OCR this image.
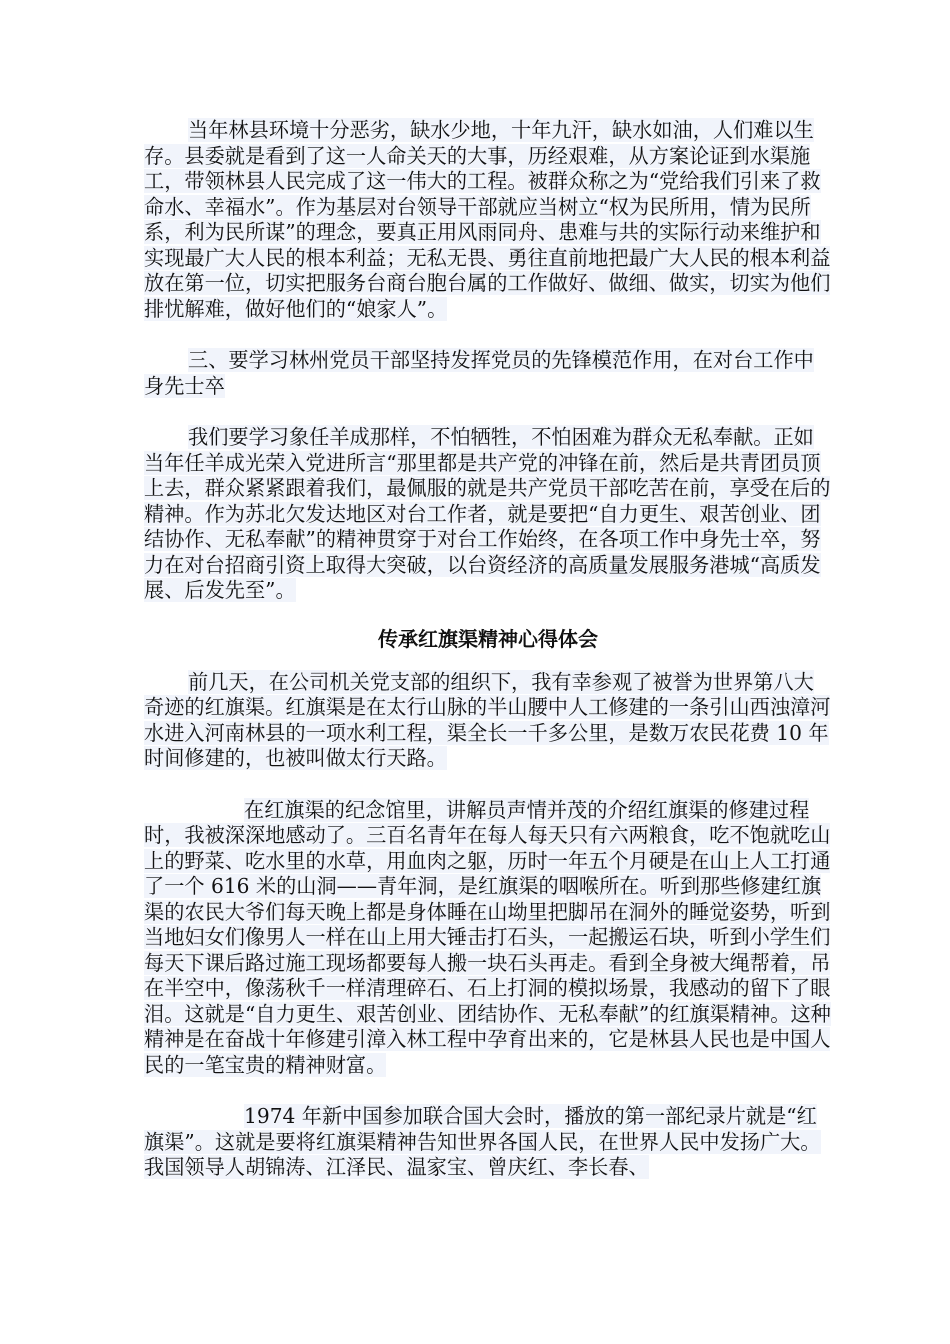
当年林县环境十分恶劣，缺水少地，十年九汗，缺水如油，人们难以生存。县委就是看到了这一人命关天的大事，历经艰难，从方案论证到水渠施工，带领林县人民完成了这一伟大的工程。被群众称之为“党给我们引来了救命水、幸福水”。作为基层对台领导干部就应当树立“权为民所用，情为民所系，利为民所谋”的理念，要真正用风雨同舟、患难与共的实际行动来维护和实现最广大人民的根本利益；无私无畏、勇往直前地把最广大人民的根本利益放在第一位，切实把服务台商台胞台属的工作做好、做细、做实，切实为他们排忧解难，做好他们的“娘家人”。

三、要学习林州党员干部坚持发挥党员的先锋模范作用，在对台工作中身先士卒

我们要学习象任羊成那样，不怕牺牲，不怕困难为群众无私奉献。正如当年任羊成光荣入党进所言“那里都是共产党的冲锋在前，然后是共青团员顶上去，群众紧紧跟着我们，最佩服的就是共产党员干部吃苦在前，享受在后的精神。作为苏北欠发达地区对台工作者，就是要把“自力更生、艰苦创业、团结协作、无私奉献”的精神贯穿于对台工作始终，在各项工作中身先士卒，努力在对台招商引资上取得大突破，以台资经济的高质量发展服务港城“高质发展、后发先至”。

传承红旗渠精神心得体会

前几天，在公司机关党支部的组织下，我有幸参观了被誉为世界第八大奇迹的红旗渠。红旗渠是在太行山脉的半山腰中人工修建的一条引山西浊漳河水进入河南林县的一项水利工程，渠全长一千多公里，是数万农民花费 10 年时间修建的，也被叫做太行天路。

在红旗渠的纪念馆里，讲解员声情并茂的介绍红旗渠的修建过程时，我被深深地感动了。三百名青年在每人每天只有六两粮食，吃不饱就吃山上的野菜、吃水里的水草，用血肉之躯，历时一年五个月硬是在山上人工打通了一个 616 米的山洞——青年洞，是红旗渠的咽喉所在。听到那些修建红旗渠的农民大爷们每天晚上都是身体睡在山坳里把脚吊在洞外的睡觉姿势，听到当地妇女们像男人一样在山上用大锤击打石头，一起搬运石块，听到小学生们每天下课后路过施工现场都要每人搬一块石头再走。看到全身被大绳帮着，吊在半空中，像荡秋千一样清理碎石、石上打洞的模拟场景，我感动的留下了眼泪。这就是“自力更生、艰苦创业、团结协作、无私奉献”的红旗渠精神。这种精神是在奋战十年修建引漳入林工程中孕育出来的，它是林县人民也是中国人民的一笔宝贵的精神财富。

1974 年新中国参加联合国大会时，播放的第一部纪录片就是“红旗渠”。这就是要将红旗渠精神告知世界各国人民，在世界人民中发扬广大。我国领导人胡锦涛、江泽民、温家宝、曾庆红、李长春、
